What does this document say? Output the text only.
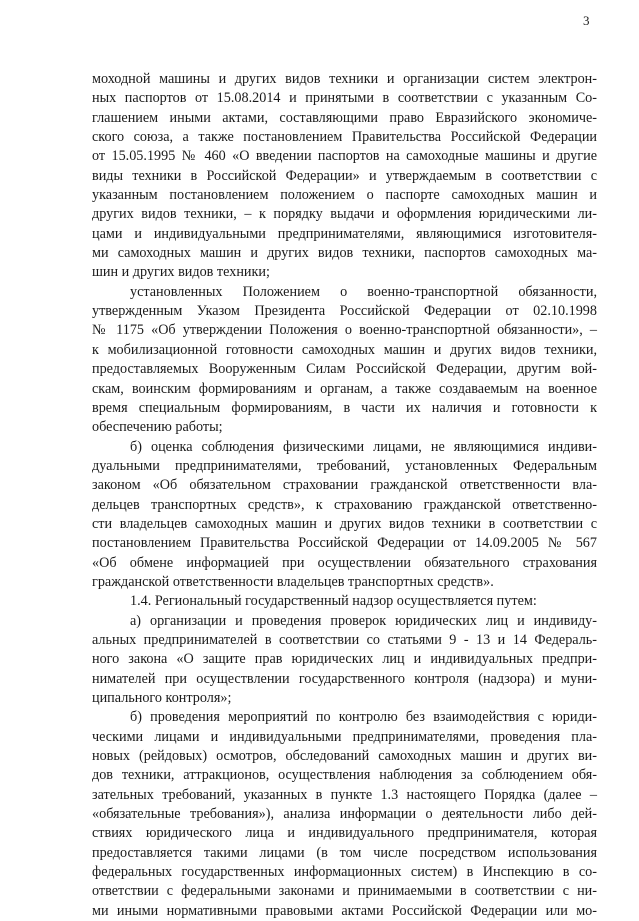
3
моходной машины и других видов техники и организации систем электрон-
ных паспортов от 15.08.2014 и принятыми в соответствии с указанным Со-
глашением иными актами, составляющими право Евразийского экономиче-
ского союза, а также постановлением Правительства Российской Федерации
от 15.05.1995 № 460 «О введении паспортов на самоходные машины и другие
виды техники в Российской Федерации» и утверждаемым в соответствии с
указанным постановлением положением о паспорте самоходных машин и
других видов техники, – к порядку выдачи и оформления юридическими ли-
цами и индивидуальными предпринимателями, являющимися изготовителя-
ми самоходных машин и других видов техники, паспортов самоходных ма-
шин и других видов техники;
установленных Положением о военно-транспортной обязанности,
утвержденным Указом Президента Российской Федерации от 02.10.1998
№ 1175 «Об утверждении Положения о военно-транспортной обязанности», –
к мобилизационной готовности самоходных машин и других видов техники,
предоставляемых Вооруженным Силам Российской Федерации, другим вой-
скам, воинским формированиям и органам, а также создаваемым на военное
время специальным формированиям, в части их наличия и готовности к
обеспечению работы;
б) оценка соблюдения физическими лицами, не являющимися индиви-
дуальными предпринимателями, требований, установленных Федеральным
законом «Об обязательном страховании гражданской ответственности вла-
дельцев транспортных средств», к страхованию гражданской ответственно-
сти владельцев самоходных машин и других видов техники в соответствии с
постановлением Правительства Российской Федерации от 14.09.2005 № 567
«Об обмене информацией при осуществлении обязательного страхования
гражданской ответственности владельцев транспортных средств».
1.4. Региональный государственный надзор осуществляется путем:
а) организации и проведения проверок юридических лиц и индивиду-
альных предпринимателей в соответствии со статьями 9 - 13 и 14 Федераль-
ного закона «О защите прав юридических лиц и индивидуальных предпри-
нимателей при осуществлении государственного контроля (надзора) и муни-
ципального контроля»;
б) проведения мероприятий по контролю без взаимодействия с юриди-
ческими лицами и индивидуальными предпринимателями, проведения пла-
новых (рейдовых) осмотров, обследований самоходных машин и других ви-
дов техники, аттракционов, осуществления наблюдения за соблюдением обя-
зательных требований, указанных в пункте 1.3 настоящего Порядка (далее –
«обязательные требования»), анализа информации о деятельности либо дей-
ствиях юридического лица и индивидуального предпринимателя, которая
предоставляется такими лицами (в том числе посредством использования
федеральных государственных информационных систем) в Инспекцию в со-
ответствии с федеральными законами и принимаемыми в соответствии с ни-
ми иными нормативными правовыми актами Российской Федерации или мо-
